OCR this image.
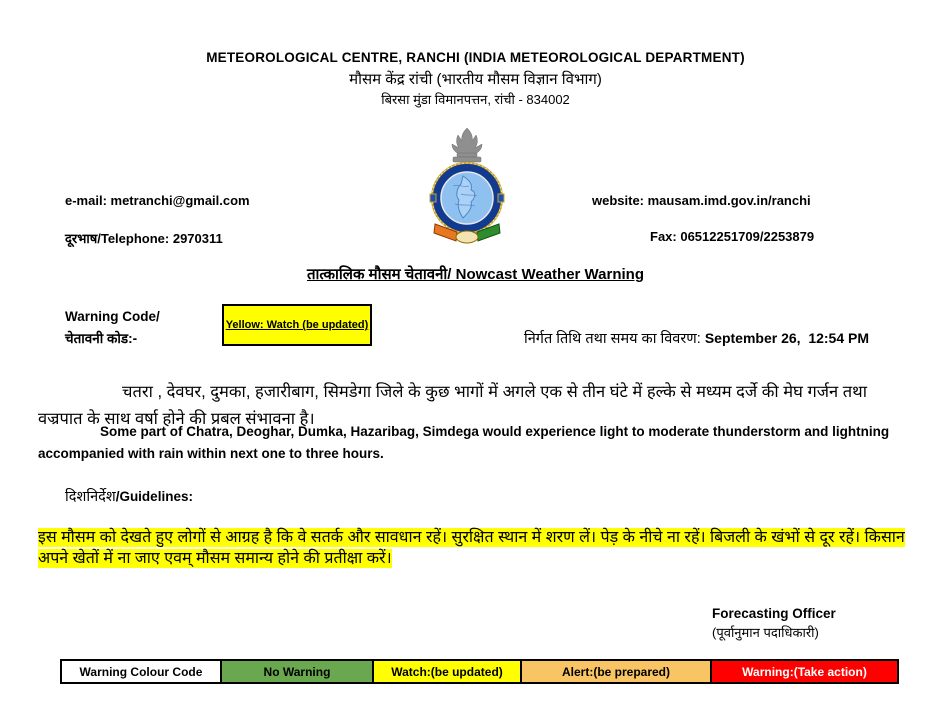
METEOROLOGICAL CENTRE, RANCHI (INDIA METEOROLOGICAL DEPARTMENT)
मौसम केंद्र रांची (भारतीय मौसम विज्ञान विभाग)
बिरसा मुंडा विमानपत्तन, रांची - 834002
e-mail: metranchi@gmail.com	website: mausam.imd.gov.in/ranchi
दूरभाष/Telephone: 2970311	Fax: 06512251709/2253879
तात्कालिक मौसम चेतावनी/ Nowcast Weather Warning
Warning Code/
चेतावनी कोड:-
Yellow: Watch (be updated)
निर्गत तिथि तथा समय का विवरण: September 26,  12:54 PM
चतरा , देवघर, दुमका, हजारीबाग, सिमडेगा जिले के कुछ भागों में अगले एक से तीन घंटे में हल्के से मध्यम दर्जे की मेघ गर्जन तथा वज्रपात के साथ वर्षा होने की प्रबल संभावना है।
Some part of Chatra, Deoghar, Dumka, Hazaribag, Simdega would experience light to moderate thunderstorm and lightning accompanied with rain within next one to three hours.
दिशनिर्देश/Guidelines:
इस मौसम को देखते हुए लोगों से आग्रह है कि वे सतर्क और सावधान रहें। सुरक्षित स्थान में शरण लें। पेड़ के नीचे ना रहें। बिजली के खंभों से दूर रहें। किसान अपने खेतों में ना जाए एवम् मौसम समान्य होने की प्रतीक्षा करें।
Forecasting Officer
(पूर्वानुमान पदाधिकारी)
Warning Colour Code	No Warning	Watch:(be updated)	Alert:(be prepared)	Warning:(Take action)
